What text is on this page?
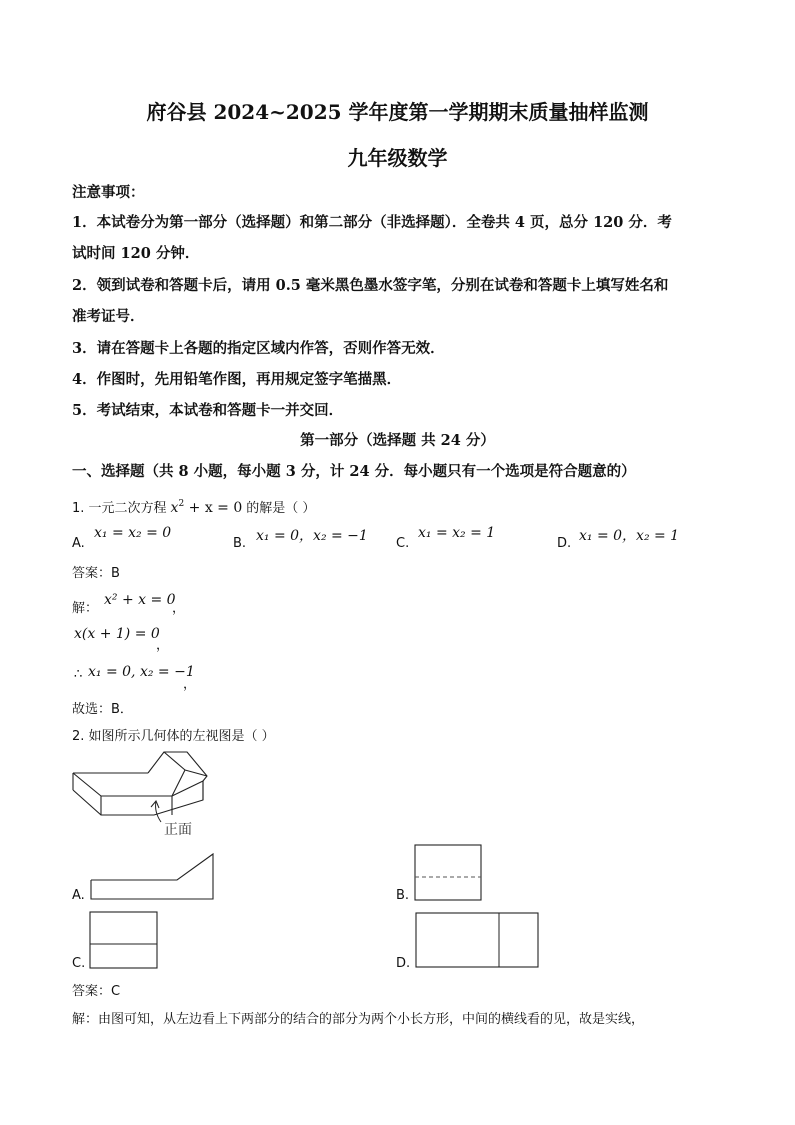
府谷县 2024~2025 学年度第一学期期末质量抽样监测
九年级数学
注意事项：
1．本试卷分为第一部分（选择题）和第二部分（非选择题）．全卷共 4 页，总分 120 分．考
试时间 120 分钟．
2．领到试卷和答题卡后，请用 0.5 毫米黑色墨水签字笔，分别在试卷和答题卡上填写姓名和
准考证号．
3．请在答题卡上各题的指定区域内作答，否则作答无效．
4．作图时，先用铅笔作图，再用规定签字笔描黑．
5．考试结束，本试卷和答题卡一并交回．
第一部分（选择题 共 24 分）
一、选择题（共 8 小题，每小题 3 分，计 24 分．每小题只有一个选项是符合题意的）
1. 一元二次方程 $x^2 + x = 0$ 的解是（ ）
A.
x₁ = x₂ = 0
B. x₁ = 0，x₂ = −1 C.
x₁ = x₂ = 1
D. x₁ = 0，x₂ = 1
答案：B
解：
x² + x = 0
，
x(x + 1) = 0
，
∴ x₁ = 0, x₂ = −1
，
故选：B．
2. 如图所示几何体的左视图是（ ）
正面
A.	B.
C.	D.
答案：C
解：由图可知，从左边看上下两部分的结合的部分为两个小长方形，中间的横线看的见，故是实线，
